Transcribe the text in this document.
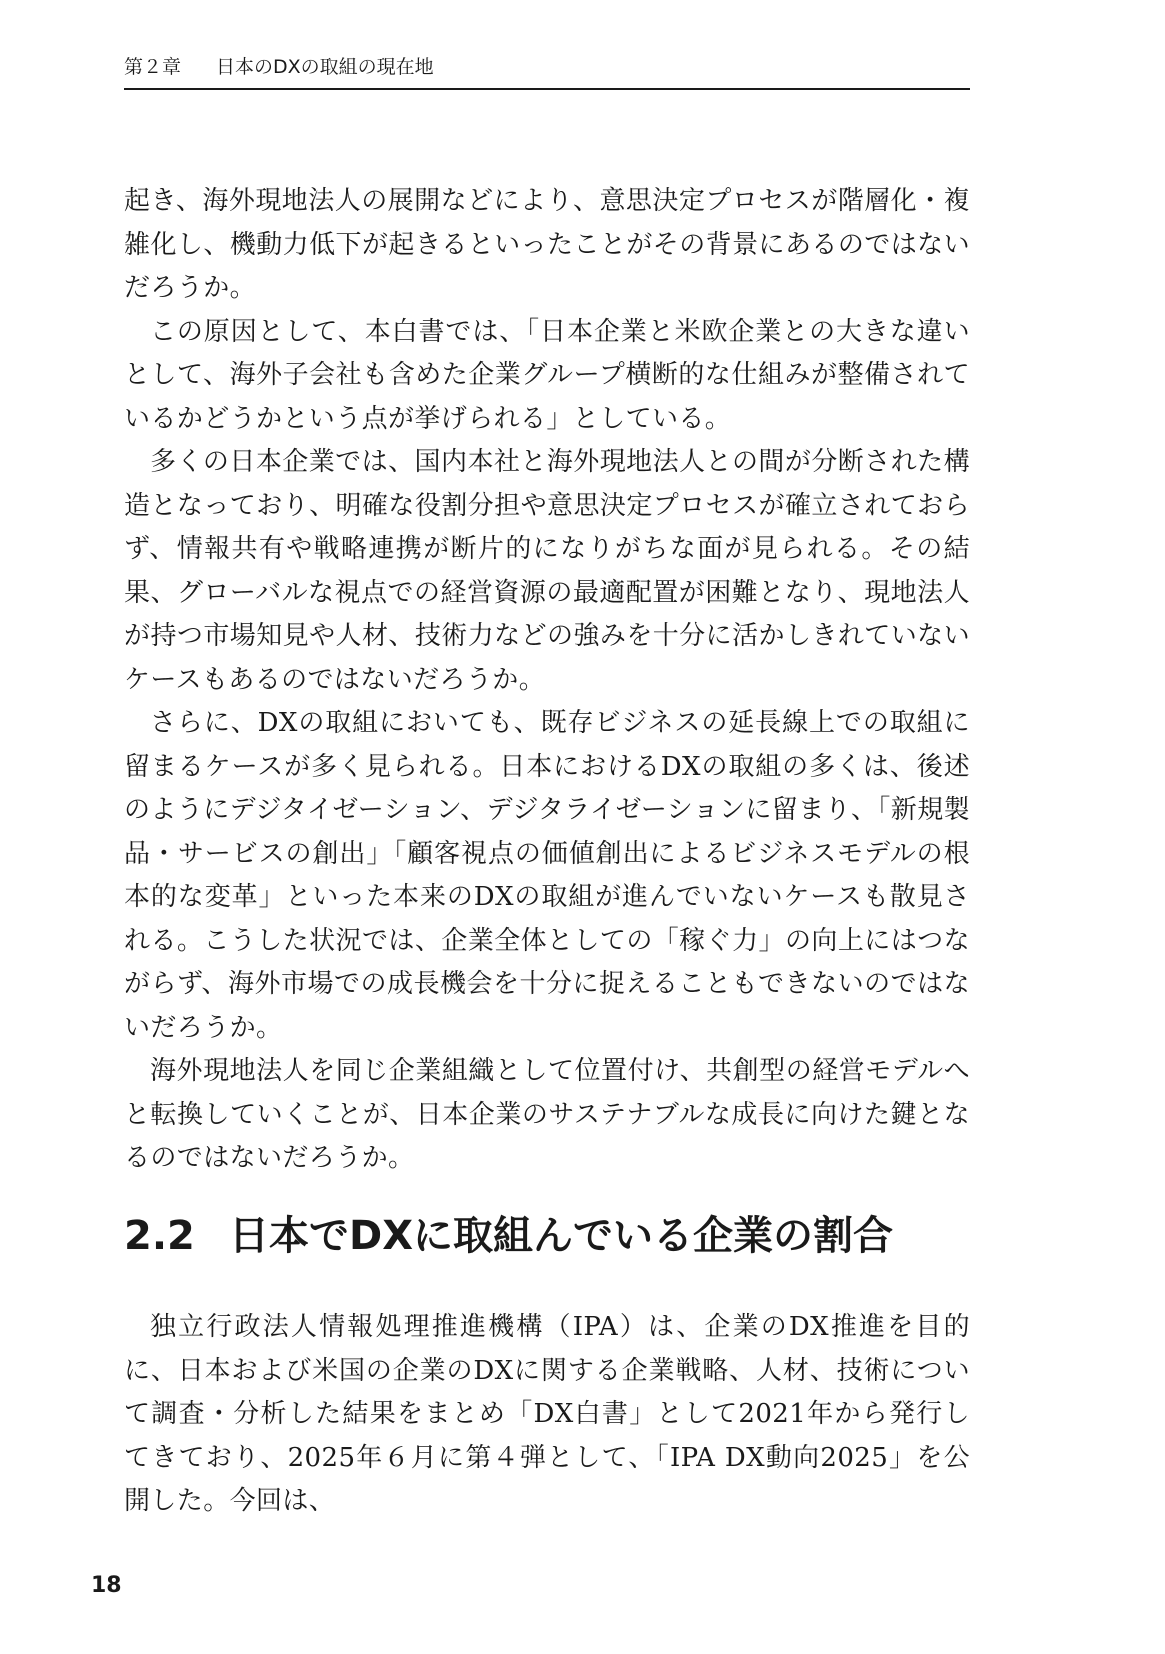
第２章 日本のDXの取組の現在地

起き、海外現地法人の展開などにより、意思決定プロセスが階層化・複雑化し、機動力低下が起きるといったことがその背景にあるのではないだろうか。

この原因として、本白書では、「日本企業と米欧企業との大きな違いとして、海外子会社も含めた企業グループ横断的な仕組みが整備されているかどうかという点が挙げられる」としている。

多くの日本企業では、国内本社と海外現地法人との間が分断された構造となっており、明確な役割分担や意思決定プロセスが確立されておらず、情報共有や戦略連携が断片的になりがちな面が見られる。その結果、グローバルな視点での経営資源の最適配置が困難となり、現地法人が持つ市場知見や人材、技術力などの強みを十分に活かしきれていないケースもあるのではないだろうか。

さらに、DXの取組においても、既存ビジネスの延長線上での取組に留まるケースが多く見られる。日本におけるDXの取組の多くは、後述のようにデジタイゼーション、デジタライゼーションに留まり、「新規製品・サービスの創出」「顧客視点の価値創出によるビジネスモデルの根本的な変革」といった本来のDXの取組が進んでいないケースも散見される。こうした状況では、企業全体としての「稼ぐ力」の向上にはつながらず、海外市場での成長機会を十分に捉えることもできないのではないだろうか。

海外現地法人を同じ企業組織として位置付け、共創型の経営モデルへと転換していくことが、日本企業のサステナブルな成長に向けた鍵となるのではないだろうか。

2.2 日本でDXに取組んでいる企業の割合

独立行政法人情報処理推進機構（IPA）は、企業のDX推進を目的に、日本および米国の企業のDXに関する企業戦略、人材、技術について調査・分析した結果をまとめ「DX白書」として2021年から発行してきており、2025年６月に第４弾として、「IPA DX動向2025」を公開した。今回は、

18
